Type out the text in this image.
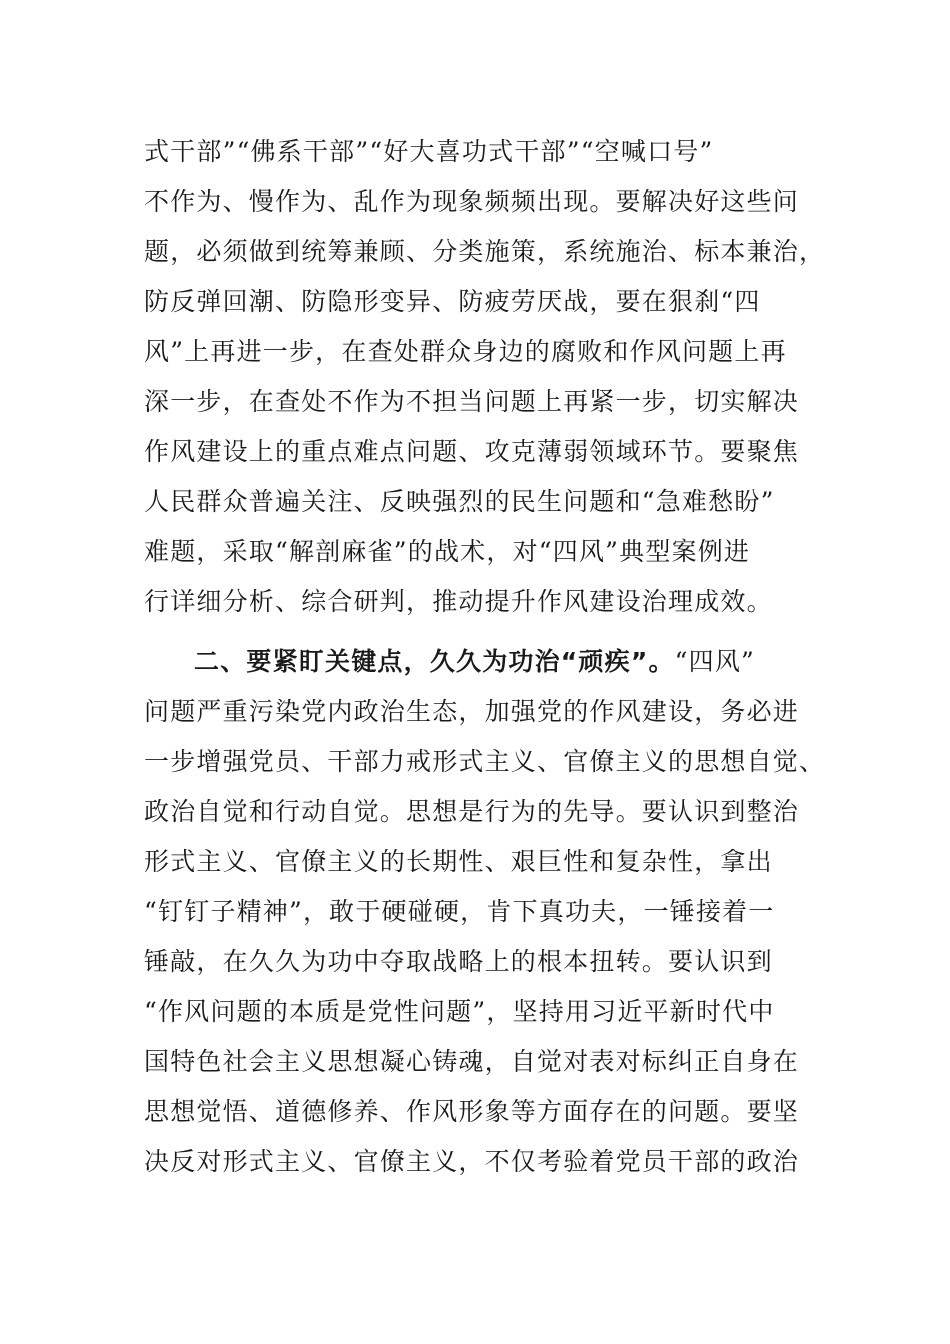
式干部”“佛系干部”“好大喜功式干部”“空喊口号”
不作为、慢作为、乱作为现象频频出现。要解决好这些问
题，必须做到统筹兼顾、分类施策，系统施治、标本兼治，
防反弹回潮、防隐形变异、防疲劳厌战，要在狠刹“四
风”上再进一步，在查处群众身边的腐败和作风问题上再
深一步，在查处不作为不担当问题上再紧一步，切实解决
作风建设上的重点难点问题、攻克薄弱领域环节。要聚焦
人民群众普遍关注、反映强烈的民生问题和“急难愁盼”
难题，采取“解剖麻雀”的战术，对“四风”典型案例进
行详细分析、综合研判，推动提升作风建设治理成效。
二、要紧盯关键点，久久为功治“顽疾”。“四风”
问题严重污染党内政治生态，加强党的作风建设，务必进
一步增强党员、干部力戒形式主义、官僚主义的思想自觉、
政治自觉和行动自觉。思想是行为的先导。要认识到整治
形式主义、官僚主义的长期性、艰巨性和复杂性，拿出
“钉钉子精神”，敢于硬碰硬，肯下真功夫，一锤接着一
锤敲，在久久为功中夺取战略上的根本扭转。要认识到
“作风问题的本质是党性问题”，坚持用习近平新时代中
国特色社会主义思想凝心铸魂，自觉对表对标纠正自身在
思想觉悟、道德修养、作风形象等方面存在的问题。要坚
决反对形式主义、官僚主义，不仅考验着党员干部的政治
